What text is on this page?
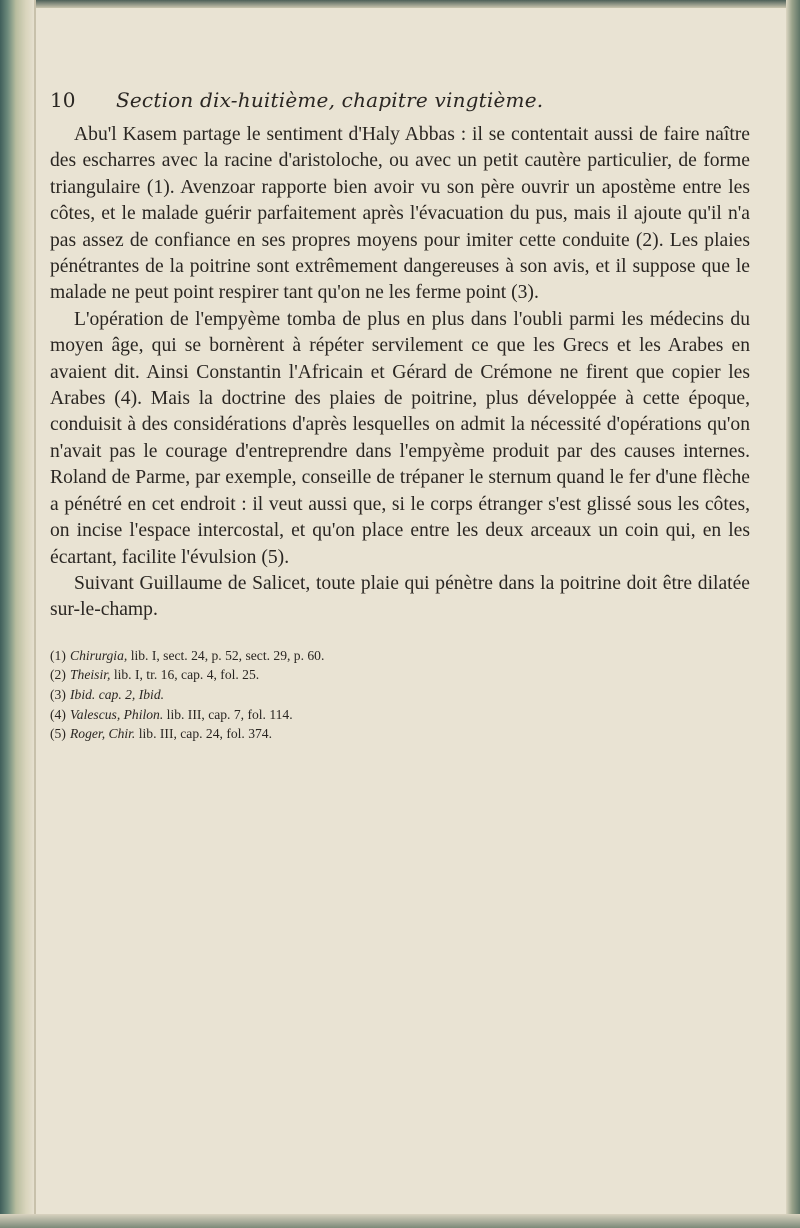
10 Section dix-huitième, chapitre vingtième.

Abu'l Kasem partage le sentiment d'Haly Abbas : il se contentait aussi de faire naître des escharres avec la racine d'aristoloche, ou avec un petit cautère particulier, de forme triangulaire (1). Avenzoar rapporte bien avoir vu son père ouvrir un apostème entre les côtes, et le malade guérir parfaitement après l'évacuation du pus, mais il ajoute qu'il n'a pas assez de confiance en ses propres moyens pour imiter cette conduite (2). Les plaies pénétrantes de la poitrine sont extrêmement dangereuses à son avis, et il suppose que le malade ne peut point respirer tant qu'on ne les ferme point (3).

L'opération de l'empyème tomba de plus en plus dans l'oubli parmi les médecins du moyen âge, qui se bornèrent à répéter servilement ce que les Grecs et les Arabes en avaient dit. Ainsi Constantin l'Africain et Gérard de Crémone ne firent que copier les Arabes (4). Mais la doctrine des plaies de poitrine, plus développée à cette époque, conduisit à des considérations d'après lesquelles on admit la nécessité d'opérations qu'on n'avait pas le courage d'entreprendre dans l'empyème produit par des causes internes. Roland de Parme, par exemple, conseille de trépaner le sternum quand le fer d'une flèche a pénétré en cet endroit : il veut aussi que, si le corps étranger s'est glissé sous les côtes, on incise l'espace intercostal, et qu'on place entre les deux arceaux un coin qui, en les écartant, facilite l'évulsion (5).

Suivant Guillaume de Salicet, toute plaie qui pénètre dans la poitrine doit être dilatée sur-le-champ.

(1) Chirurgia, lib. I, sect. 24, p. 52, sect. 29, p. 60.

(2) Theisir, lib. I, tr. 16, cap. 4, fol. 25.

(3) Ibid. cap. 2, Ibid.

(4) Valescus, Philon. lib. III, cap. 7, fol. 114.

(5) Roger, Chir. lib. III, cap. 24, fol. 374.
